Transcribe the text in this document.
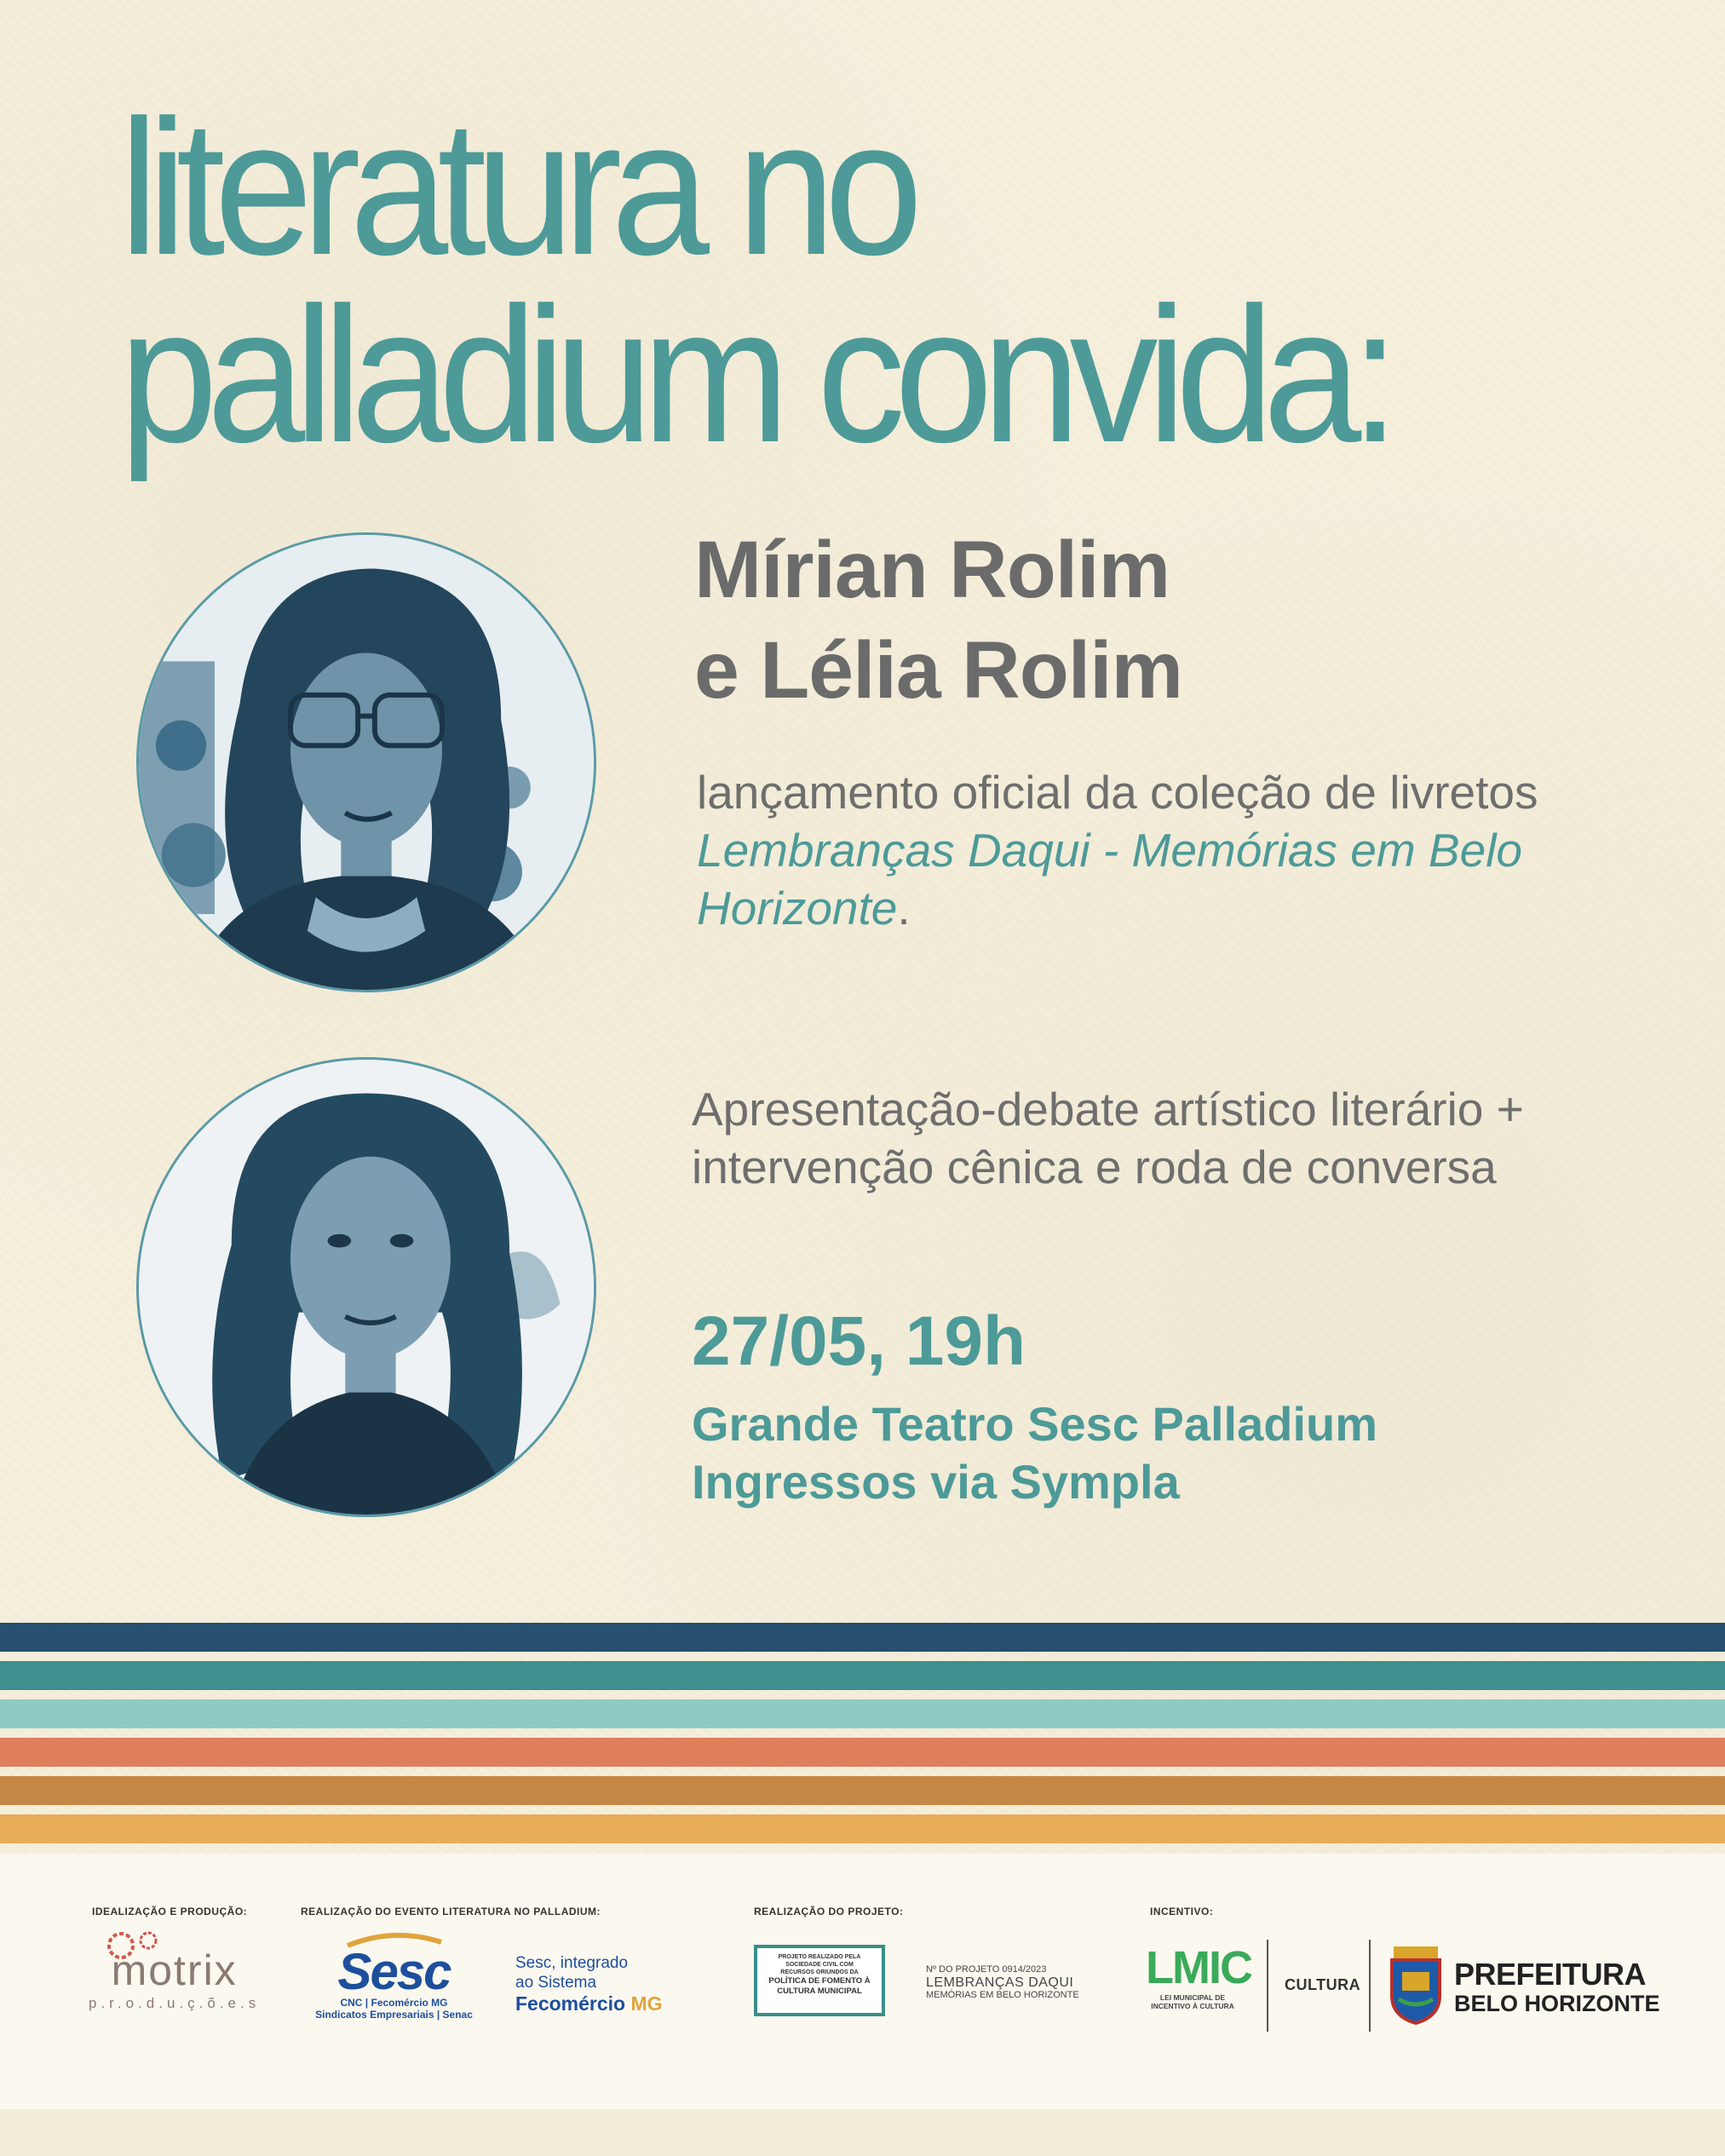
literatura no
palladium convida:
Mírian Rolim
e Lélia Rolim

lançamento oficial da coleção de livretos Lembranças Daqui - Memórias em Belo Horizonte.

Apresentação-debate artístico literário + intervenção cênica e roda de conversa

27/05, 19h

Grande Teatro Sesc Palladium
Ingressos via Sympla

IDEALIZAÇÃO E PRODUÇÃO:	REALIZAÇÃO DO EVENTO LITERATURA NO PALLADIUM:	REALIZAÇÃO DO PROJETO:	INCENTIVO:
motrix
p.r.o.d.u.ç.õ.e.s
Sesc
CNC | Fecomércio MG
Sindicatos Empresariais | Senac
Sesc, integrado
ao Sistema
Fecomércio MG
PROJETO REALIZADO PELA
SOCIEDADE CIVIL COM
RECURSOS ORIUNDOS DA
POLÍTICA DE FOMENTO À
CULTURA MUNICIPAL
Nº DO PROJETO 0914/2023
LEMBRANÇAS DAQUI
MEMÓRIAS EM BELO HORIZONTE
LMIC
LEI MUNICIPAL DE
INCENTIVO À CULTURA
CULTURA	PREFEITURA
BELO HORIZONTE
